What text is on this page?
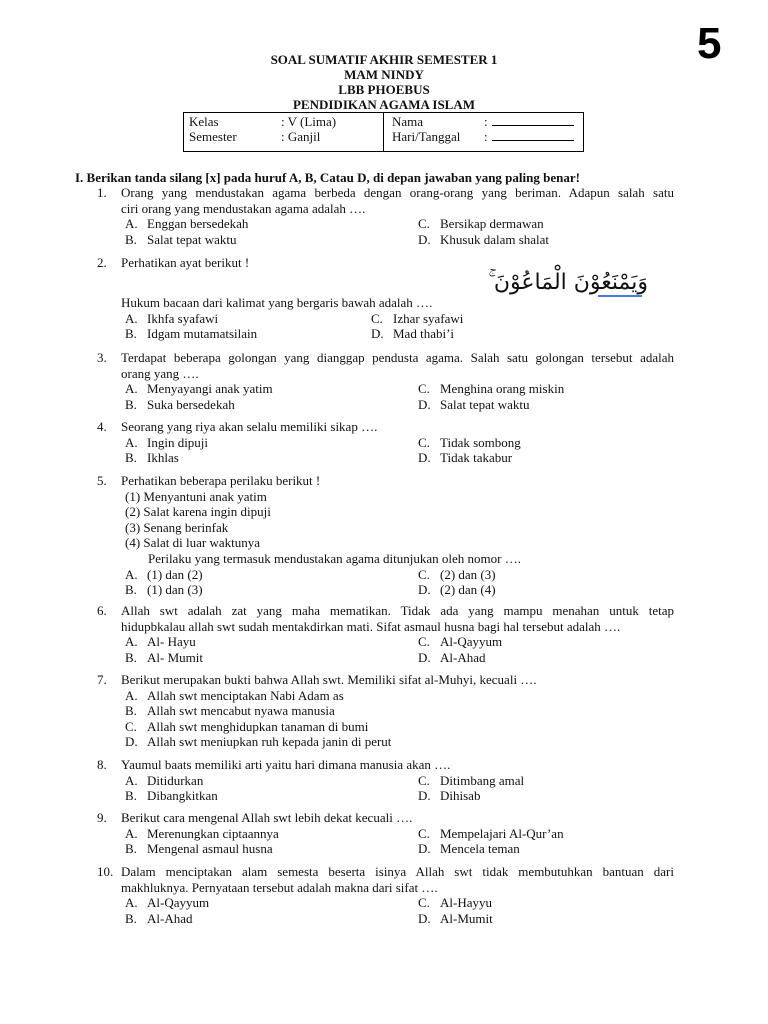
5
SOAL SUMATIF AKHIR SEMESTER 1
MAM NINDY
LBB PHOEBUS
PENDIDIKAN AGAMA ISLAM
Kelas	: V (Lima)
Semester	: Ganjil
Nama	:
Hari/Tanggal :
I. Berikan tanda silang [x] pada huruf A, B, Catau D, di depan jawaban yang paling benar!
1. Orang yang mendustakan agama berbeda dengan orang-orang yang beriman. Adapun salah satu
ciri orang yang mendustakan agama adalah ….
A. Enggan bersedekah	C. Bersikap dermawan
B. Salat tepat waktu	D. Khusuk dalam shalat
2. Perhatikan ayat berikut !
وَيَمْنَعُوْنَ الْمَاعُوْنَ ۚ
Hukum bacaan dari kalimat yang bergaris bawah adalah ….
A. Ikhfa syafawi	C. Izhar syafawi
B. Idgam mutamatsilain	D. Mad thabi’i
3. Terdapat beberapa golongan yang dianggap pendusta agama. Salah satu golongan tersebut adalah
orang yang ….
A. Menyayangi anak yatim	C. Menghina orang miskin
B. Suka bersedekah	D. Salat tepat waktu
4. Seorang yang riya akan selalu memiliki sikap ….
A. Ingin dipuji	C. Tidak sombong
B. Ikhlas	D. Tidak takabur
5. Perhatikan beberapa perilaku berikut !
(1) Menyantuni anak yatim
(2) Salat karena ingin dipuji
(3) Senang berinfak
(4) Salat di luar waktunya
Perilaku yang termasuk mendustakan agama ditunjukan oleh nomor ….
A. (1) dan (2)	C. (2) dan (3)
B. (1) dan (3)	D. (2) dan (4)
6. Allah swt adalah zat yang maha mematikan. Tidak ada yang mampu menahan untuk tetap
hidupbkalau allah swt sudah mentakdirkan mati. Sifat asmaul husna bagi hal tersebut adalah ….
A. Al- Hayu	C. Al-Qayyum
B. Al- Mumit	D. Al-Ahad
7. Berikut merupakan bukti bahwa Allah swt. Memiliki sifat al-Muhyi, kecuali ….
A. Allah swt menciptakan Nabi Adam as
B. Allah swt mencabut nyawa manusia
C. Allah swt menghidupkan tanaman di bumi
D. Allah swt meniupkan ruh kepada janin di perut
8. Yaumul baats memiliki arti yaitu hari dimana manusia akan ….
A. Ditidurkan	C. Ditimbang amal
B. Dibangkitkan	D. Dihisab
9. Berikut cara mengenal Allah swt lebih dekat kecuali ….
A. Merenungkan ciptaannya	C. Mempelajari Al-Qur’an
B. Mengenal asmaul husna	D. Mencela teman
10. Dalam menciptakan alam semesta beserta isinya Allah swt tidak membutuhkan bantuan dari
makhluknya. Pernyataan tersebut adalah makna dari sifat ….
A. Al-Qayyum	C. Al-Hayyu
B. Al-Ahad	D. Al-Mumit
